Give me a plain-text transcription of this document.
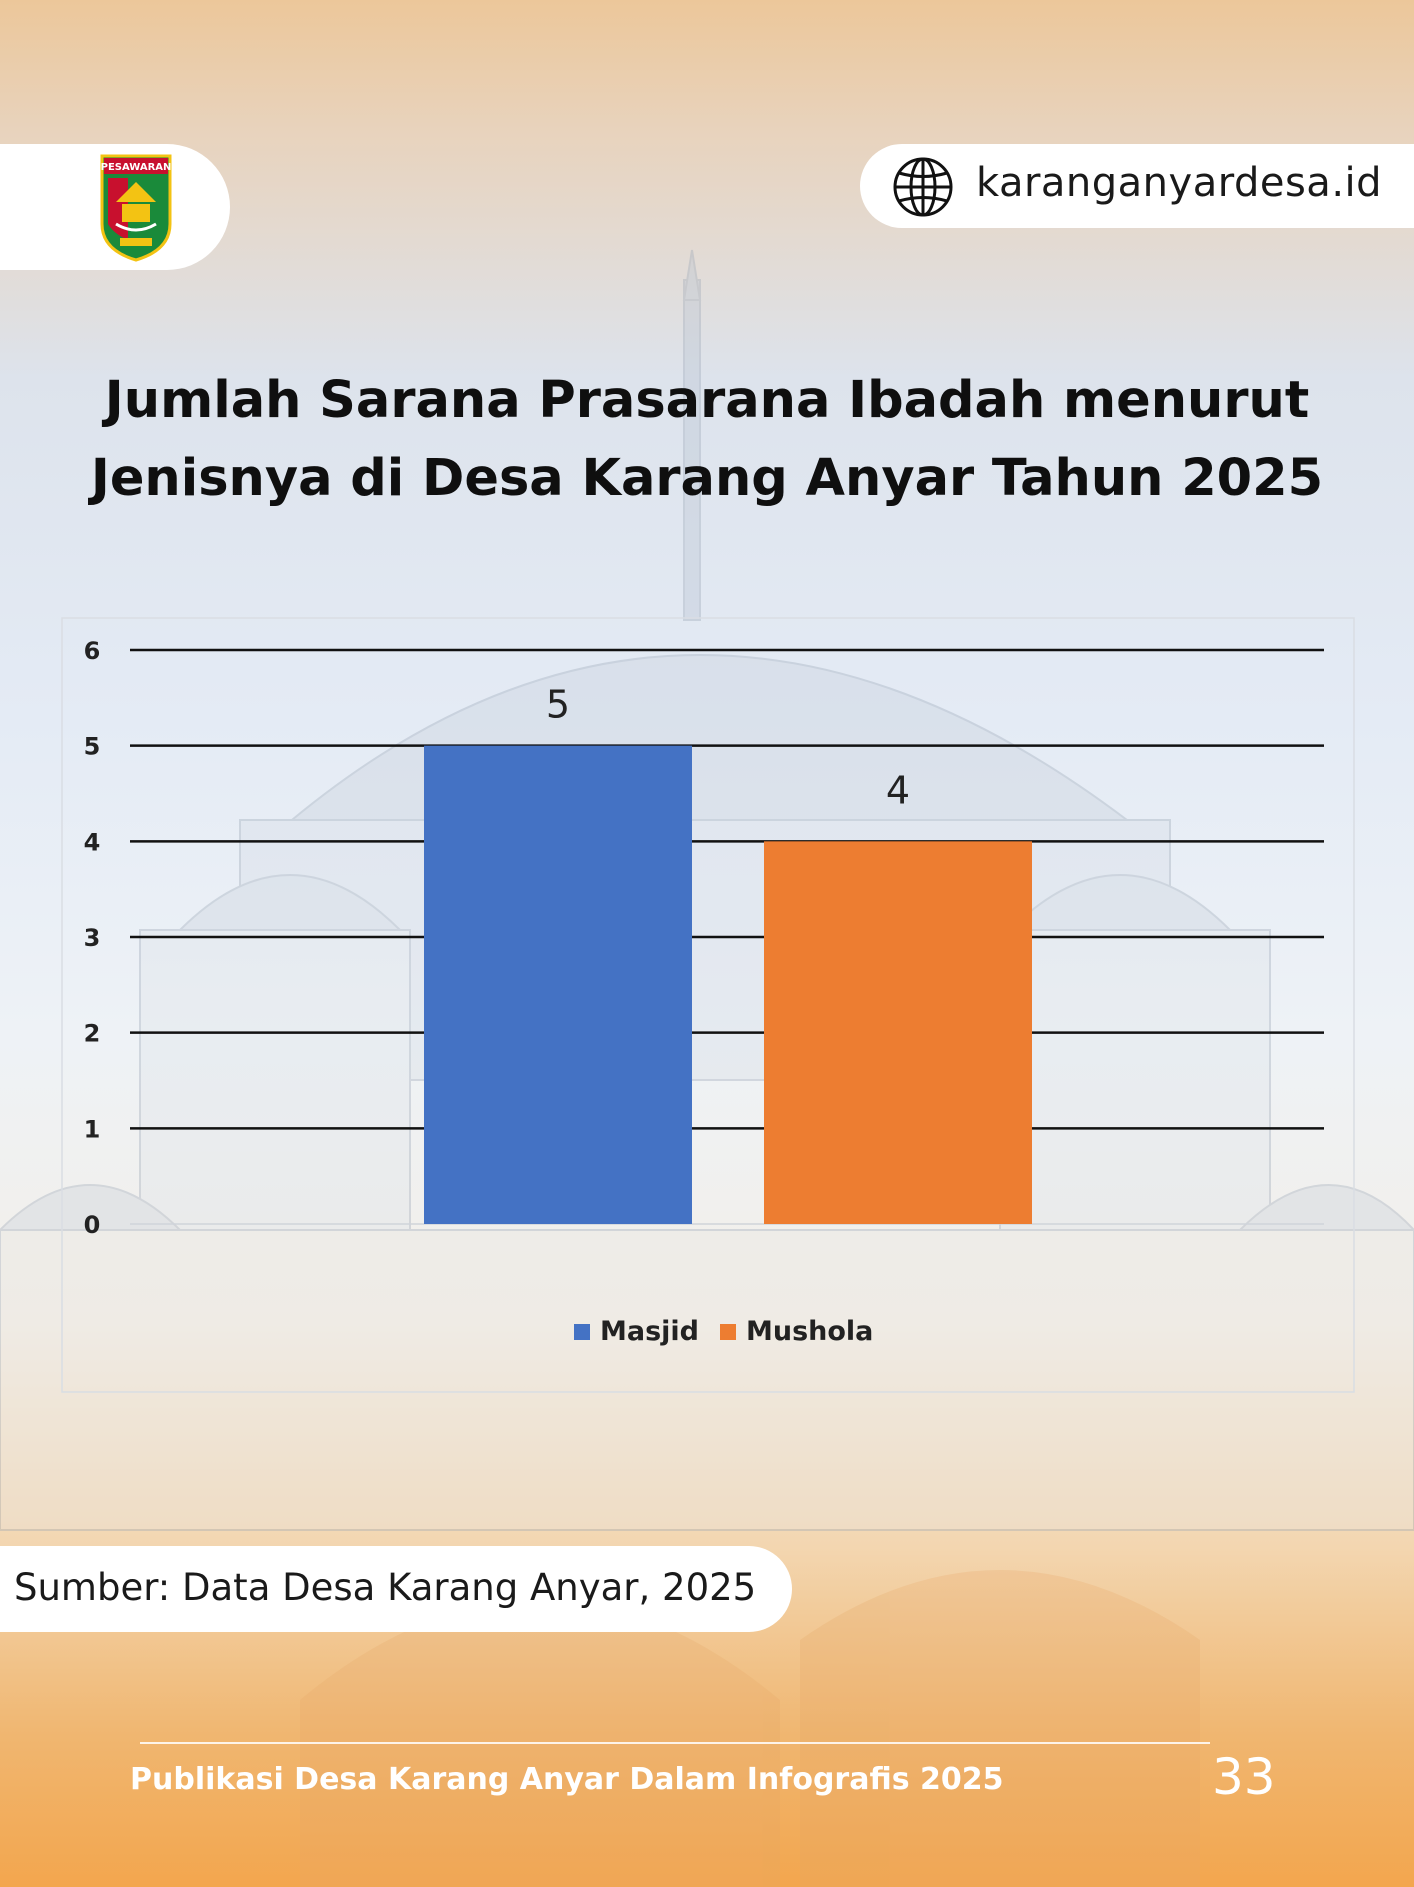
PESAWARAN	karanganyardesa.id
Jumlah Sarana Prasarana Ibadah menurut
Jenisnya di Desa Karang Anyar Tahun 2025
0
1
2
3
4
5
6
5
4
Masjid Mushola
Sumber: Data Desa Karang Anyar, 2025
Publikasi Desa Karang Anyar Dalam Infografis 2025	33
